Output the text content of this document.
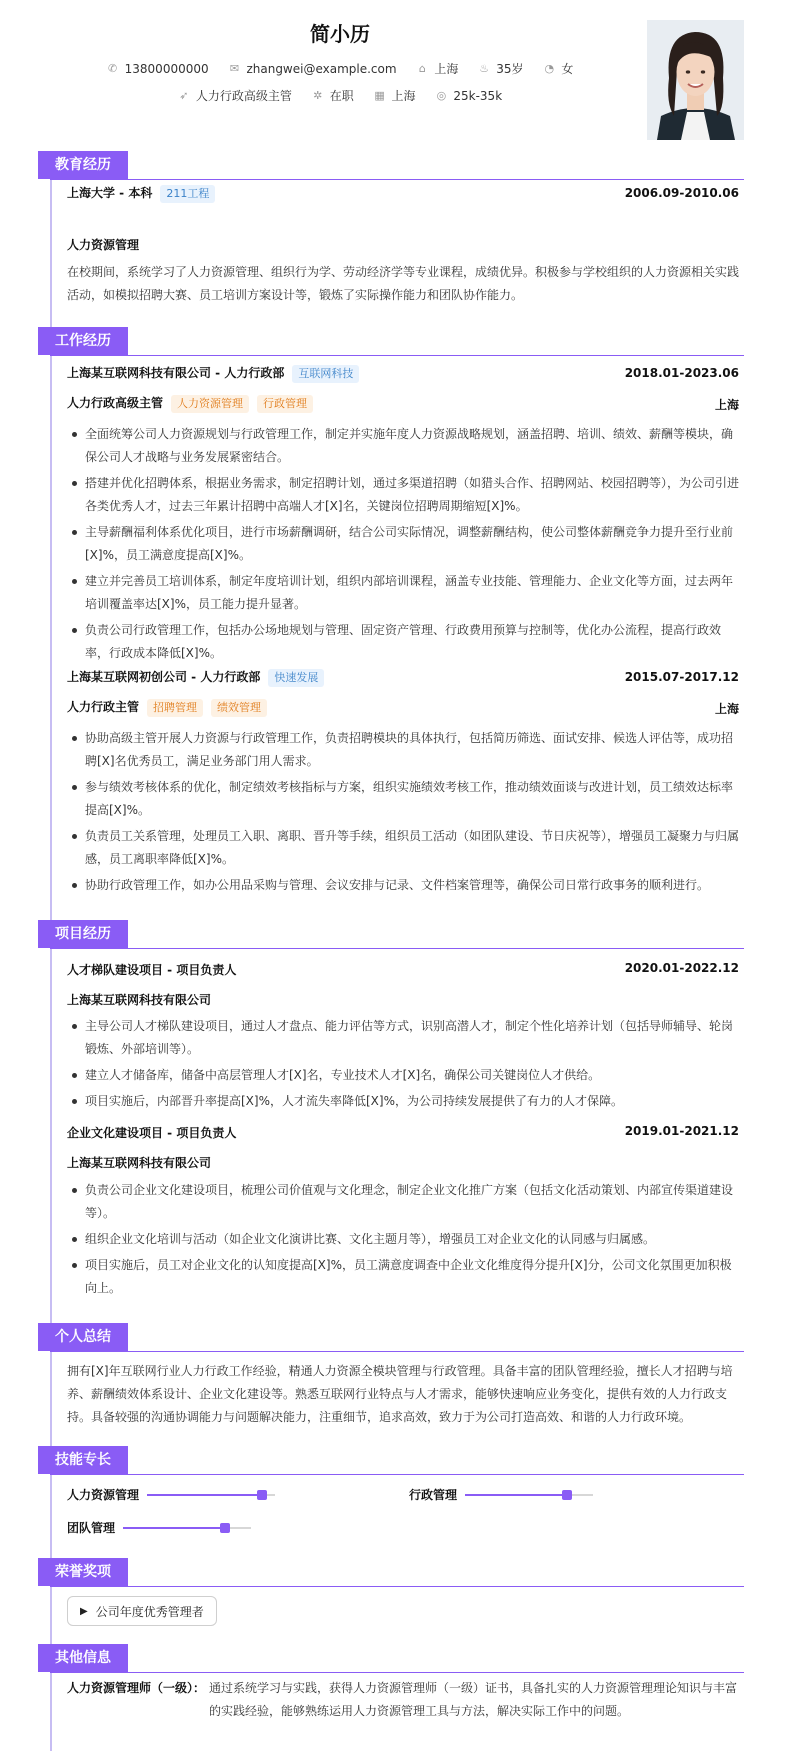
简小历
✆ 13800000000
✉ zhangwei@example.com
⌂ 上海
♨ 35岁
◔ 女
➶ 人力行政高级主管
✲ 在职
▦ 上海
◎ 25k-35k
教育经历
上海大学 - 本科 211工程	2006.09-2010.06
人力资源管理
在校期间，系统学习了人力资源管理、组织行为学、劳动经济学等专业课程，成绩优异。积极参与学校组织的人力资源相关实践活动，如模拟招聘大赛、员工培训方案设计等，锻炼了实际操作能力和团队协作能力。
工作经历
上海某互联网科技有限公司 - 人力行政部 互联网科技	2018.01-2023.06
人力行政高级主管 人力资源管理 行政管理	上海
全面统筹公司人力资源规划与行政管理工作，制定并实施年度人力资源战略规划，涵盖招聘、培训、绩效、薪酬等模块，确保公司人才战略与业务发展紧密结合。
搭建并优化招聘体系，根据业务需求，制定招聘计划，通过多渠道招聘（如猎头合作、招聘网站、校园招聘等），为公司引进各类优秀人才，过去三年累计招聘中高端人才[X]名，关键岗位招聘周期缩短[X]%。
主导薪酬福利体系优化项目，进行市场薪酬调研，结合公司实际情况，调整薪酬结构，使公司整体薪酬竞争力提升至行业前[X]%，员工满意度提高[X]%。
建立并完善员工培训体系，制定年度培训计划，组织内部培训课程，涵盖专业技能、管理能力、企业文化等方面，过去两年培训覆盖率达[X]%，员工能力提升显著。
负责公司行政管理工作，包括办公场地规划与管理、固定资产管理、行政费用预算与控制等，优化办公流程，提高行政效率，行政成本降低[X]%。
上海某互联网初创公司 - 人力行政部 快速发展	2015.07-2017.12
人力行政主管 招聘管理 绩效管理	上海
协助高级主管开展人力资源与行政管理工作，负责招聘模块的具体执行，包括简历筛选、面试安排、候选人评估等，成功招聘[X]名优秀员工，满足业务部门用人需求。
参与绩效考核体系的优化，制定绩效考核指标与方案，组织实施绩效考核工作，推动绩效面谈与改进计划，员工绩效达标率提高[X]%。
负责员工关系管理，处理员工入职、离职、晋升等手续，组织员工活动（如团队建设、节日庆祝等），增强员工凝聚力与归属感，员工离职率降低[X]%。
协助行政管理工作，如办公用品采购与管理、会议安排与记录、文件档案管理等，确保公司日常行政事务的顺利进行。
项目经历
人才梯队建设项目 - 项目负责人	2020.01-2022.12
上海某互联网科技有限公司
主导公司人才梯队建设项目，通过人才盘点、能力评估等方式，识别高潜人才，制定个性化培养计划（包括导师辅导、轮岗锻炼、外部培训等）。
建立人才储备库，储备中高层管理人才[X]名，专业技术人才[X]名，确保公司关键岗位人才供给。
项目实施后，内部晋升率提高[X]%，人才流失率降低[X]%，为公司持续发展提供了有力的人才保障。
企业文化建设项目 - 项目负责人	2019.01-2021.12
上海某互联网科技有限公司
负责公司企业文化建设项目，梳理公司价值观与文化理念，制定企业文化推广方案（包括文化活动策划、内部宣传渠道建设等）。
组织企业文化培训与活动（如企业文化演讲比赛、文化主题月等），增强员工对企业文化的认同感与归属感。
项目实施后，员工对企业文化的认知度提高[X]%，员工满意度调查中企业文化维度得分提升[X]分，公司文化氛围更加积极向上。
个人总结
拥有[X]年互联网行业人力行政工作经验，精通人力资源全模块管理与行政管理。具备丰富的团队管理经验，擅长人才招聘与培养、薪酬绩效体系设计、企业文化建设等。熟悉互联网行业特点与人才需求，能够快速响应业务变化，提供有效的人力行政支持。具备较强的沟通协调能力与问题解决能力，注重细节，追求高效，致力于为公司打造高效、和谐的人力行政环境。
技能专长
人力资源管理	行政管理
团队管理
荣誉奖项
▶ 公司年度优秀管理者
其他信息
人力资源管理师（一级）： 通过系统学习与实践，获得人力资源管理师（一级）证书，具备扎实的人力资源管理理论知识与丰富的实践经验，能够熟练运用人力资源管理工具与方法，解决实际工作中的问题。
